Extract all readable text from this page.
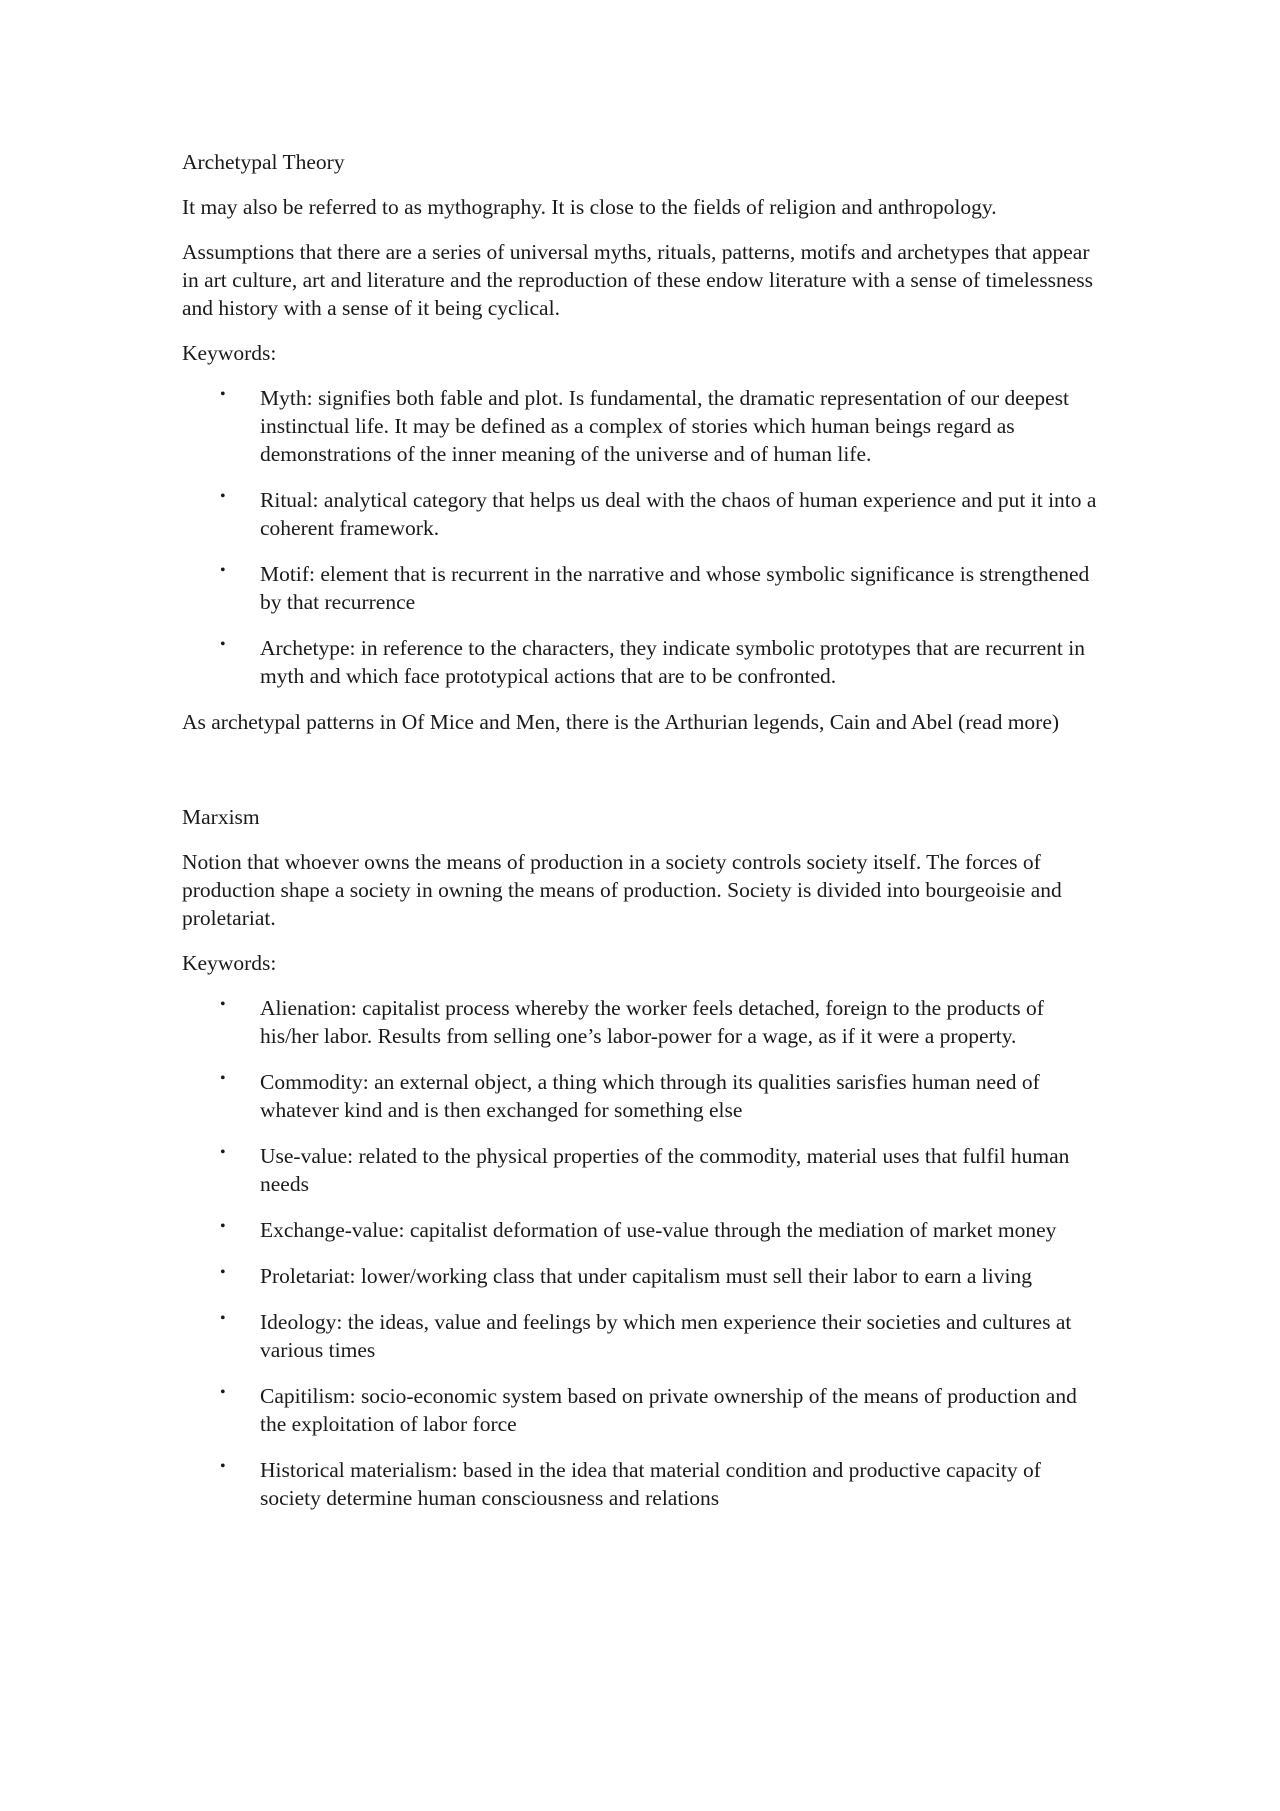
Archetypal Theory

It may also be referred to as mythography. It is close to the fields of religion and anthropology.

Assumptions that there are a series of universal myths, rituals, patterns, motifs and archetypes that appear in art culture, art and literature and the reproduction of these endow literature with a sense of timelessness and history with a sense of it being cyclical.

Keywords:

• Myth: signifies both fable and plot. Is fundamental, the dramatic representation of our deepest instinctual life. It may be defined as a complex of stories which human beings regard as demonstrations of the inner meaning of the universe and of human life.
• Ritual: analytical category that helps us deal with the chaos of human experience and put it into a coherent framework.
• Motif: element that is recurrent in the narrative and whose symbolic significance is strengthened by that recurrence
• Archetype: in reference to the characters, they indicate symbolic prototypes that are recurrent in myth and which face prototypical actions that are to be confronted.

As archetypal patterns in Of Mice and Men, there is the Arthurian legends, Cain and Abel (read more)

Marxism

Notion that whoever owns the means of production in a society controls society itself. The forces of production shape a society in owning the means of production. Society is divided into bourgeoisie and proletariat.

Keywords:

• Alienation: capitalist process whereby the worker feels detached, foreign to the products of his/her labor. Results from selling one’s labor-power for a wage, as if it were a property.
• Commodity: an external object, a thing which through its qualities sarisfies human need of whatever kind and is then exchanged for something else
• Use-value: related to the physical properties of the commodity, material uses that fulfil human needs
• Exchange-value: capitalist deformation of use-value through the mediation of market money
• Proletariat: lower/working class that under capitalism must sell their labor to earn a living
• Ideology: the ideas, value and feelings by which men experience their societies and cultures at various times
• Capitilism: socio-economic system based on private ownership of the means of production and the exploitation of labor force
• Historical materialism: based in the idea that material condition and productive capacity of society determine human consciousness and relations
